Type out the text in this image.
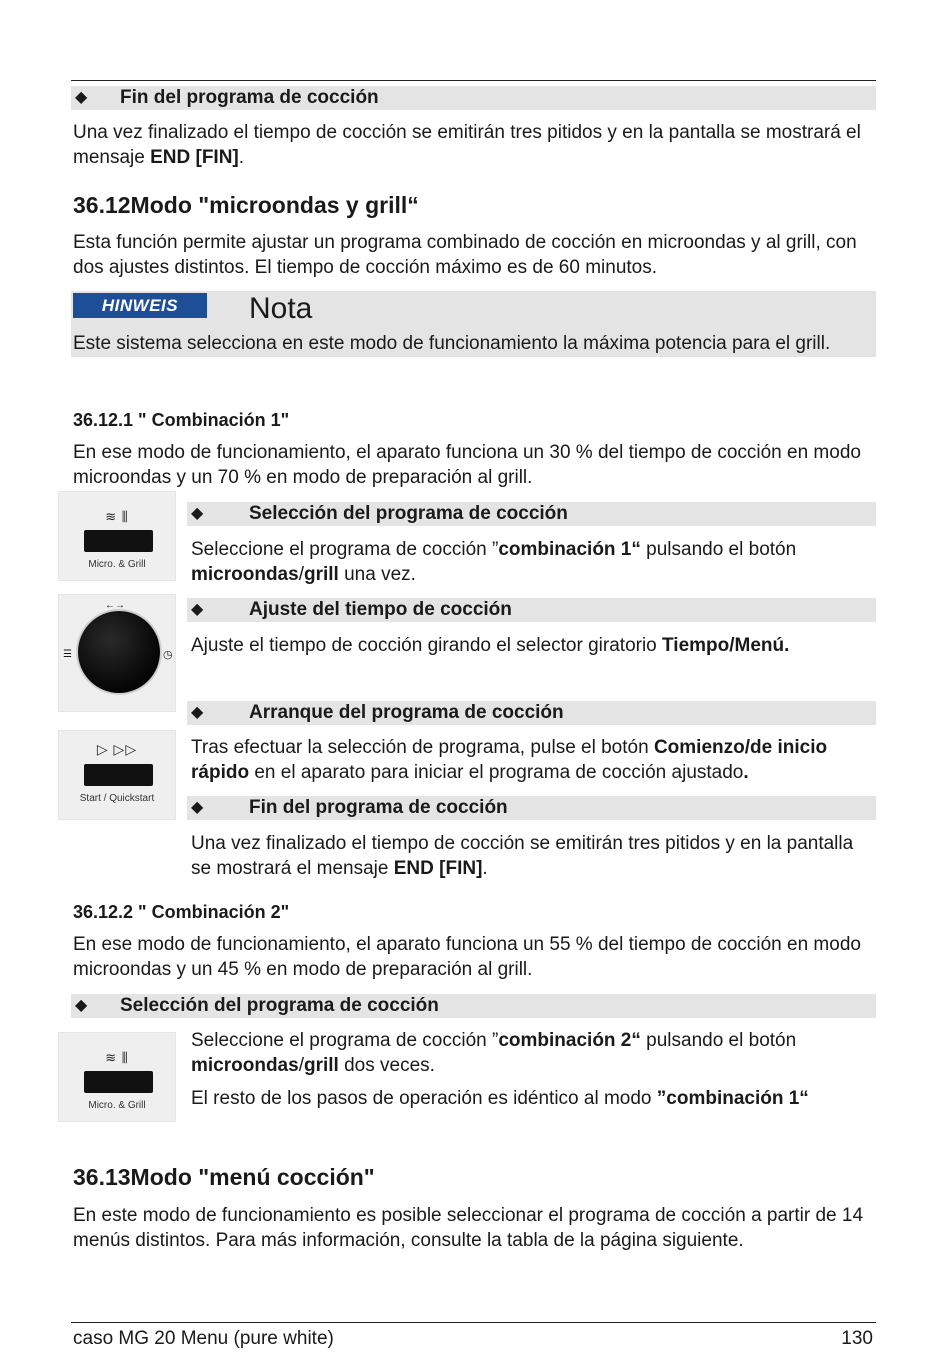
◆ Fin del programa de cocción
Una vez finalizado el tiempo de cocción se emitirán tres pitidos y en la pantalla se mostrará el mensaje END [FIN].
36.12Modo "microondas y grill“
Esta función permite ajustar un programa combinado de cocción en microondas y al grill, con dos ajustes distintos. El tiempo de cocción máximo es de 60 minutos.
HINWEIS	Nota
Este sistema selecciona en este modo de funcionamiento la máxima potencia para el grill.
36.12.1 " Combinación 1"
En ese modo de funcionamiento, el aparato funciona un 30 % del tiempo de cocción en modo microondas y un 70 % en modo de preparación al grill.
≋ ⫼
Micro. & Grill
◆ Selección del programa de cocción
Seleccione el programa de cocción ”combinación 1“ pulsando el botón microondas/grill una vez.
←→
☰	◷
◆ Ajuste del tiempo de cocción
Ajuste el tiempo de cocción girando el selector giratorio Tiempo/Menú.
◆ Arranque del programa de cocción
▷ ▷▷
Start / Quickstart
Tras efectuar la selección de programa, pulse el botón Comienzo/de inicio rápido en el aparato para iniciar el programa de cocción ajustado.
◆ Fin del programa de cocción
Una vez finalizado el tiempo de cocción se emitirán tres pitidos y en la pantalla se mostrará el mensaje END [FIN].
36.12.2 " Combinación 2"
En ese modo de funcionamiento, el aparato funciona un 55 % del tiempo de cocción en modo microondas y un 45 % en modo de preparación al grill.
◆ Selección del programa de cocción
≋ ⫼
Micro. & Grill
Seleccione el programa de cocción ”combinación 2“ pulsando el botón microondas/grill dos veces.
El resto de los pasos de operación es idéntico al modo ”combinación 1“
36.13Modo "menú cocción"
En este modo de funcionamiento es posible seleccionar el programa de cocción a partir de 14 menús distintos. Para más información, consulte la tabla de la página siguiente.
caso MG 20 Menu (pure white)	130
